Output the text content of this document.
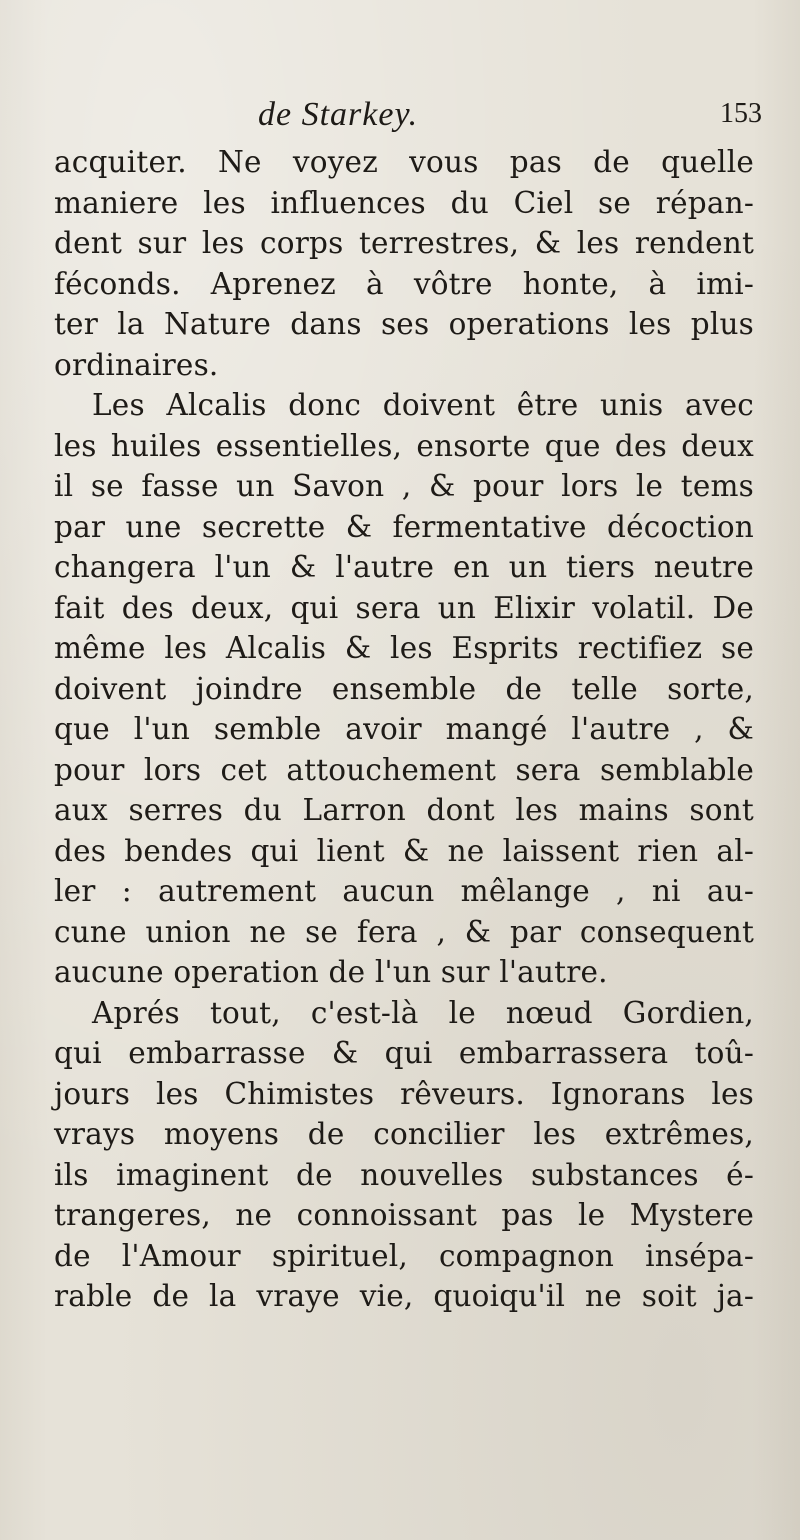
de Starkey.	153
acquiter. Ne voyez vous pas de quelle
maniere les influences du Ciel se répan-
dent sur les corps terrestres, & les rendent
féconds. Aprenez à vôtre honte, à imi-
ter la Nature dans ses operations les plus
ordinaires.
Les Alcalis donc doivent être unis avec
les huiles essentielles, ensorte que des deux
il se fasse un Savon , & pour lors le tems
par une secrette & fermentative décoction
changera l'un & l'autre en un tiers neutre
fait des deux, qui sera un Elixir volatil. De
même les Alcalis & les Esprits rectifiez se
doivent joindre ensemble de telle sorte,
que l'un semble avoir mangé l'autre , &
pour lors cet attouchement sera semblable
aux serres du Larron dont les mains sont
des bendes qui lient & ne laissent rien al-
ler : autrement aucun mêlange , ni au-
cune union ne se fera , & par consequent
aucune operation de l'un sur l'autre.
Aprés tout, c'est-là le nœud Gordien,
qui embarrasse & qui embarrassera toû-
jours les Chimistes rêveurs. Ignorans les
vrays moyens de concilier les extrêmes,
ils imaginent de nouvelles substances é-
trangeres, ne connoissant pas le Mystere
de l'Amour spirituel, compagnon insépa-
rable de la vraye vie, quoiqu'il ne soit ja-
